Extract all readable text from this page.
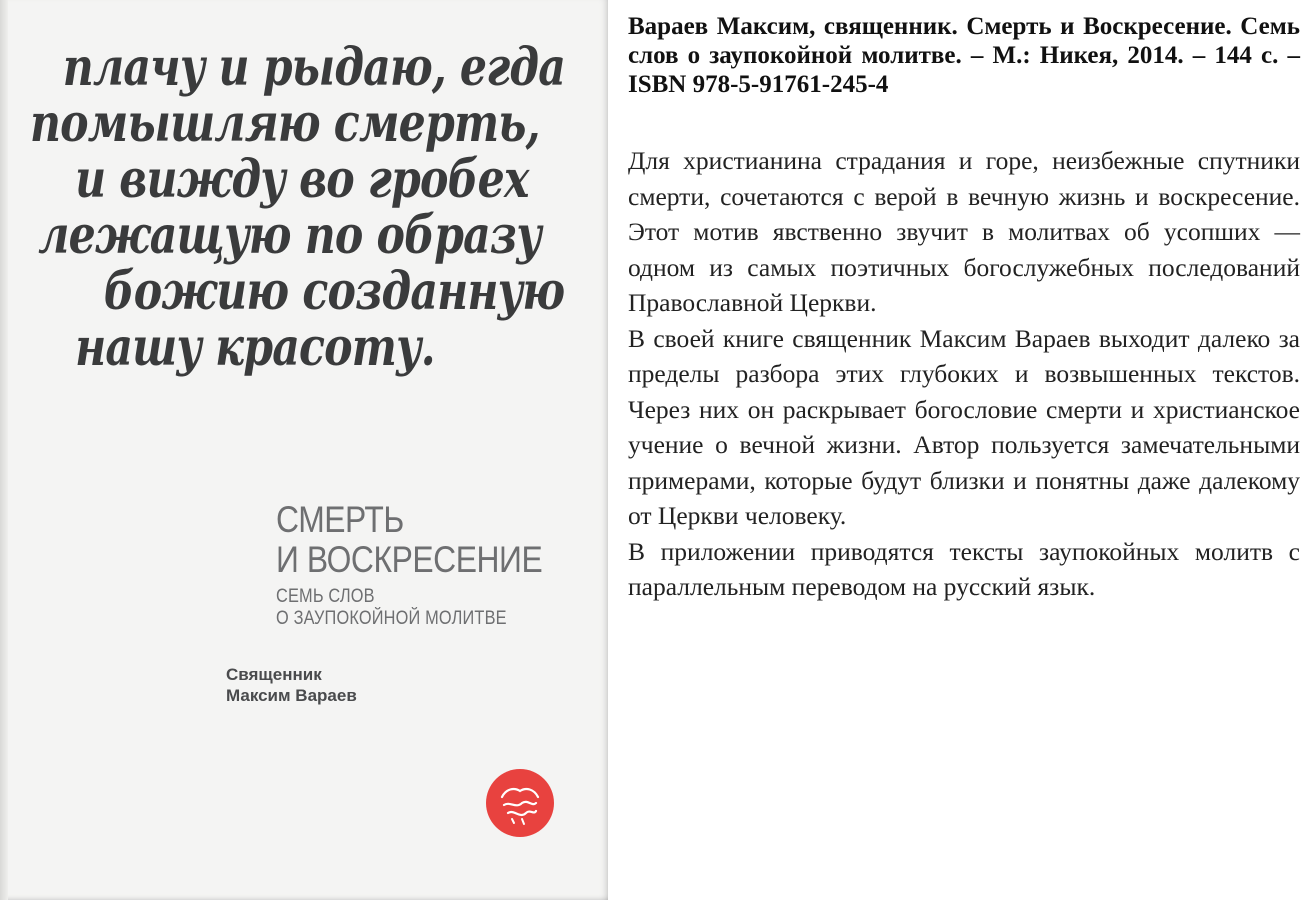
плачу и рыдаю, егда
помышляю смерть,
и вижду во гробех
лежащую по образу
божию созданную
нашу красоту.
СМЕРТЬ
И ВОСКРЕСЕНИЕ
СЕМЬ СЛОВ
О ЗАУПОКОЙНОЙ МОЛИТВЕ
Священник
Максим Вараев
Вараев Максим, священник. Смерть и Воскресение. Семь слов о заупокойной молитве. – М.: Никея, 2014. – 144 с. – ISBN 978-5-91761-245-4

Для христианина страдания и горе, неизбежные спутники смерти, сочетаются с верой в вечную жизнь и воскресение. Этот мотив явственно звучит в молитвах об усопших — одном из самых поэтичных богослужебных последований Православной Церкви.

В своей книге священник Максим Вараев выходит далеко за пределы разбора этих глубоких и возвышенных текстов. Через них он раскрывает богословие смерти и христианское учение о вечной жизни. Автор пользуется замечательными примерами, которые будут близки и понятны даже далекому от Церкви человеку.

В приложении приводятся тексты заупокойных молитв с параллельным переводом на русский язык.
